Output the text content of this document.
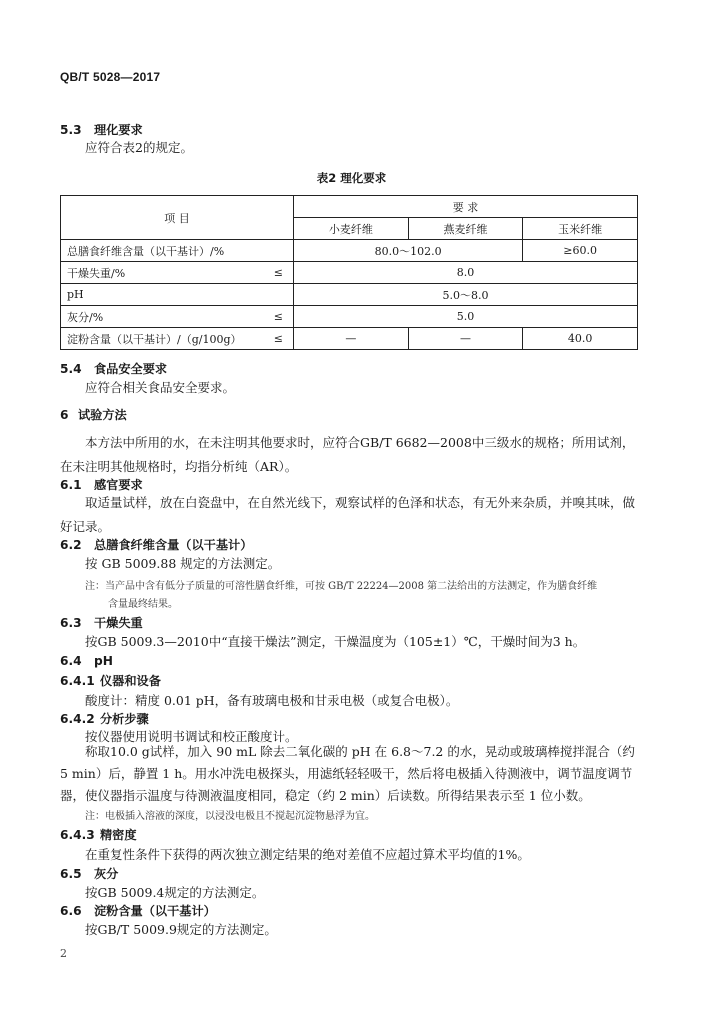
QB/T 5028—2017
5.3 理化要求
应符合表2的规定。
表2 理化要求
项 目	要 求		
	小麦纤维	燕麦纤维	玉米纤维
总膳食纤维含量（以干基计）/%	80.0～102.0		≥60.0
干燥失重/% ≤	8.0		
pH	5.0～8.0		
灰分/% ≤	5.0		
淀粉含量（以干基计）/（g/100g） ≤	—	—	40.0
5.4 食品安全要求
应符合相关食品安全要求。
6 试验方法
本方法中所用的水，在未注明其他要求时，应符合GB/T 6682—2008中三级水的规格；所用试剂，在未注明其他规格时，均指分析纯（AR）。
6.1 感官要求
取适量试样，放在白瓷盘中，在自然光线下，观察试样的色泽和状态，有无外来杂质，并嗅其味，做好记录。
6.2 总膳食纤维含量（以干基计）
按 GB 5009.88 规定的方法测定。
注：当产品中含有低分子质量的可溶性膳食纤维，可按 GB/T 22224—2008 第二法给出的方法测定，作为膳食纤维
含量最终结果。
6.3 干燥失重
按GB 5009.3—2010中“直接干燥法”测定，干燥温度为（105±1）℃，干燥时间为3 h。
6.4 pH
6.4.1 仪器和设备
酸度计：精度 0.01 pH，备有玻璃电极和甘汞电极（或复合电极）。
6.4.2 分析步骤
按仪器使用说明书调试和校正酸度计。
称取10.0 g试样，加入 90 mL 除去二氧化碳的 pH 在 6.8～7.2 的水，晃动或玻璃棒搅拌混合（约 5 min）后，静置 1 h。用水冲洗电极探头，用滤纸轻轻吸干，然后将电极插入待测液中，调节温度调节器，使仪器指示温度与待测液温度相同，稳定（约 2 min）后读数。所得结果表示至 1 位小数。
注：电极插入溶液的深度，以浸没电极且不搅起沉淀物悬浮为宜。
6.4.3 精密度
在重复性条件下获得的两次独立测定结果的绝对差值不应超过算术平均值的1%。
6.5 灰分
按GB 5009.4规定的方法测定。
6.6 淀粉含量（以干基计）
按GB/T 5009.9规定的方法测定。
2
